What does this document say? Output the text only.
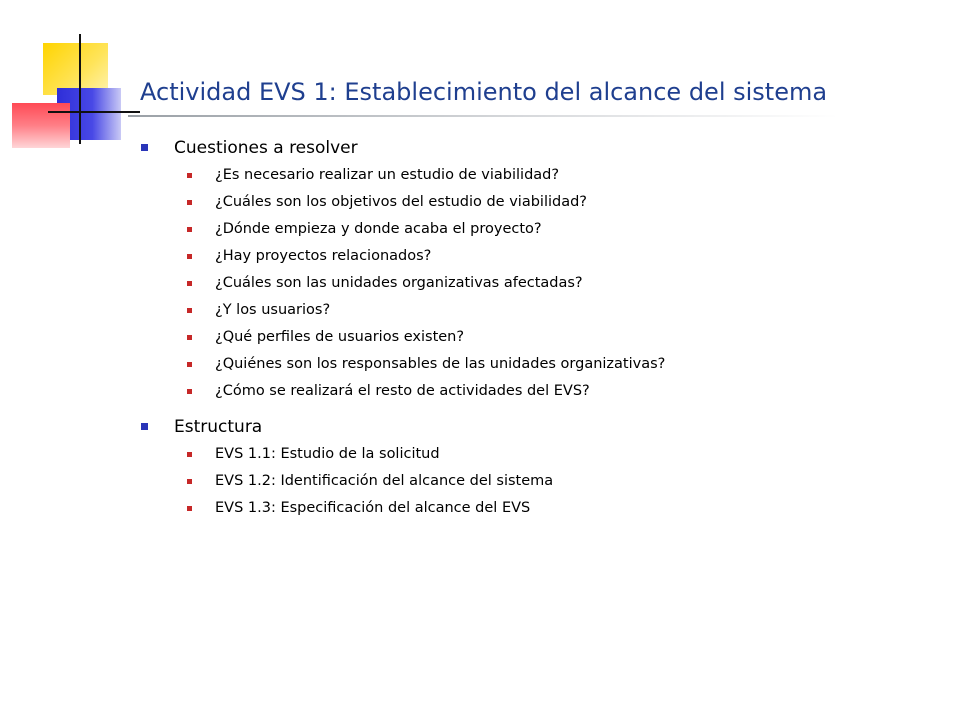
Actividad EVS 1: Establecimiento del alcance del sistema
Cuestiones a resolver
¿Es necesario realizar un estudio de viabilidad?
¿Cuáles son los objetivos del estudio de viabilidad?
¿Dónde empieza y donde acaba el proyecto?
¿Hay proyectos relacionados?
¿Cuáles son las unidades organizativas afectadas?
¿Y los usuarios?
¿Qué perfiles de usuarios existen?
¿Quiénes son los responsables de las unidades organizativas?
¿Cómo se realizará el resto de actividades del EVS?
Estructura
EVS 1.1: Estudio de la solicitud
EVS 1.2: Identificación del alcance del sistema
EVS 1.3: Especificación del alcance del EVS
